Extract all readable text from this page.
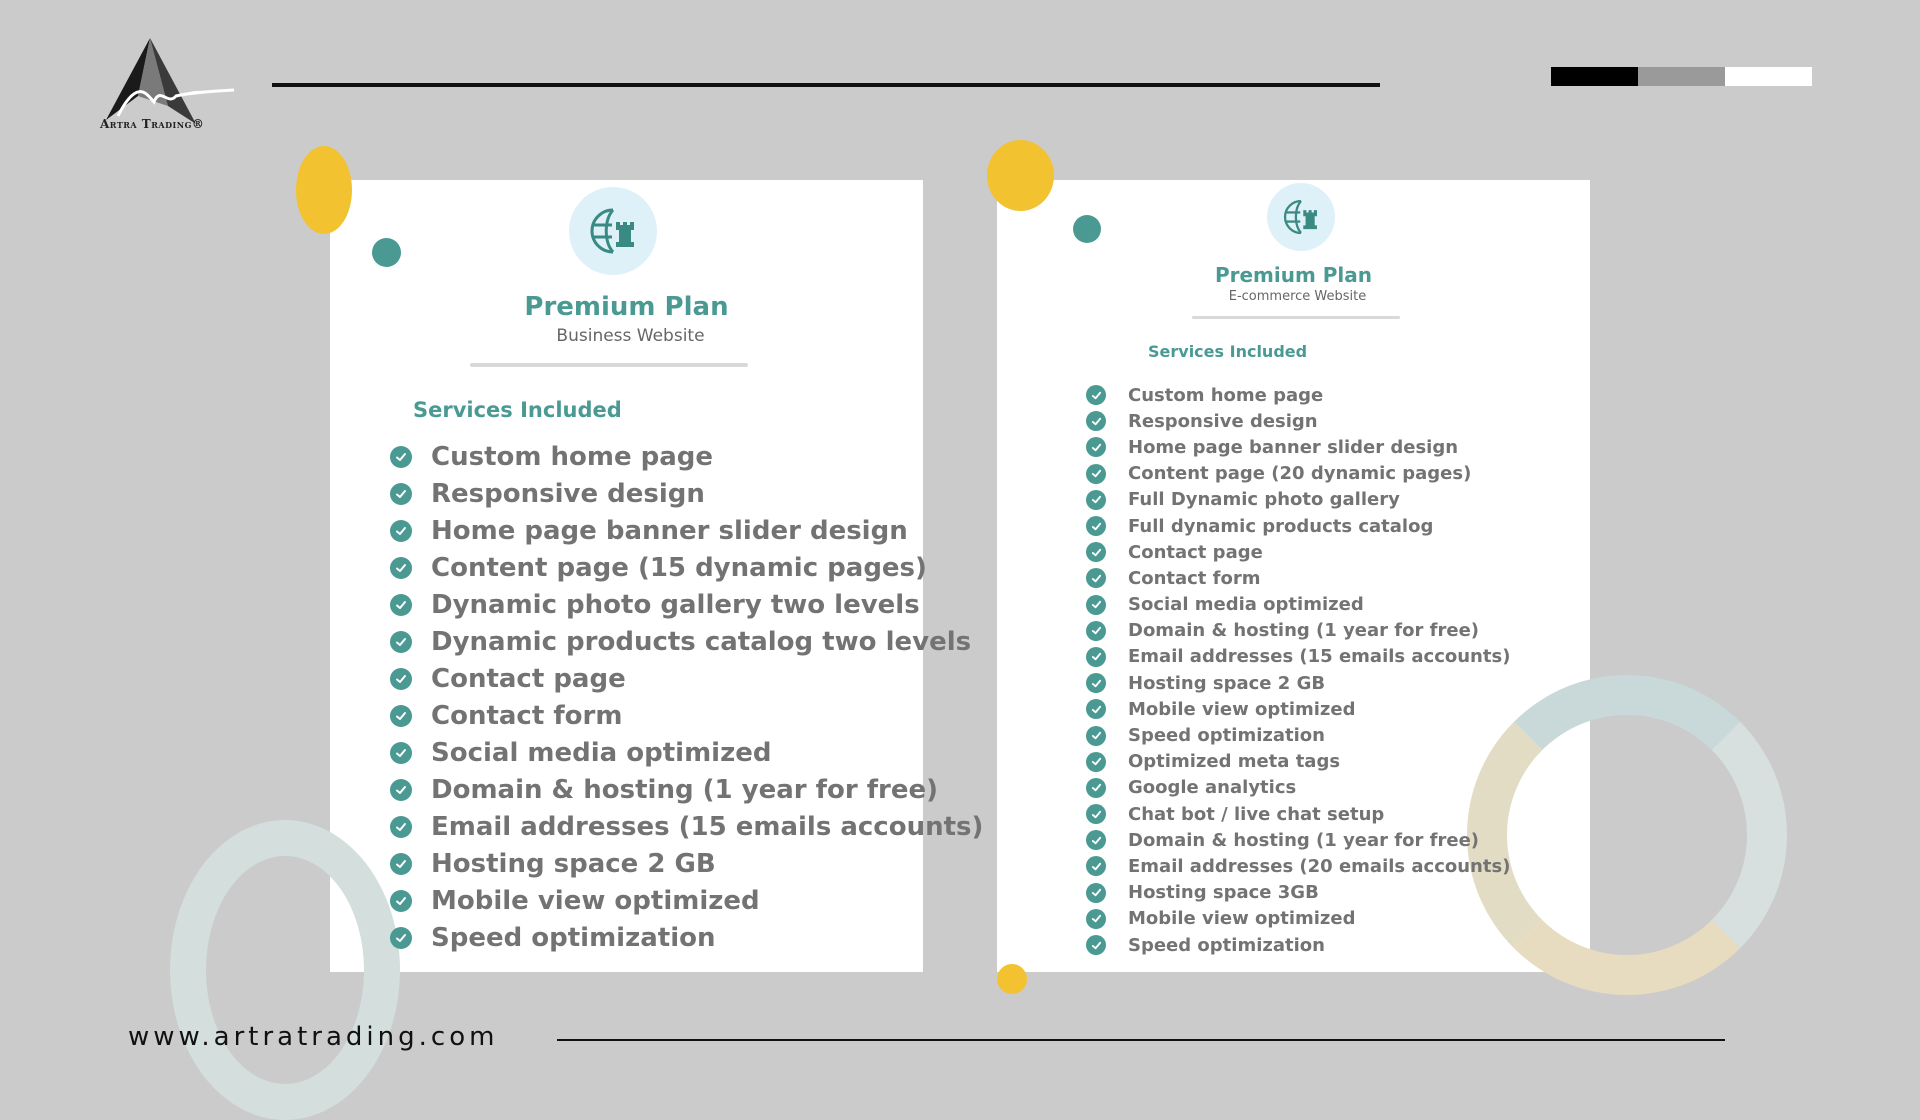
Artra Trading®
Premium Plan
Business Website
Services Included
Custom home page
Responsive design
Home page banner slider design
Content page (15 dynamic pages)
Dynamic photo gallery two levels
Dynamic products catalog two levels
Contact page
Contact form
Social media optimized
Domain & hosting (1 year for free)
Email addresses (15 emails accounts)
Hosting space 2 GB
Mobile view optimized
Speed optimization
Premium Plan
E-commerce Website
Services Included
Custom home page
Responsive design
Home page banner slider design
Content page (20 dynamic pages)
Full Dynamic photo gallery
Full dynamic products catalog
Contact page
Contact form
Social media optimized
Domain & hosting (1 year for free)
Email addresses (15 emails accounts)
Hosting space 2 GB
Mobile view optimized
Speed optimization
Optimized meta tags
Google analytics
Chat bot / live chat setup
Domain & hosting (1 year for free)
Email addresses (20 emails accounts)
Hosting space 3GB
Mobile view optimized
Speed optimization
www.artratrading.com
